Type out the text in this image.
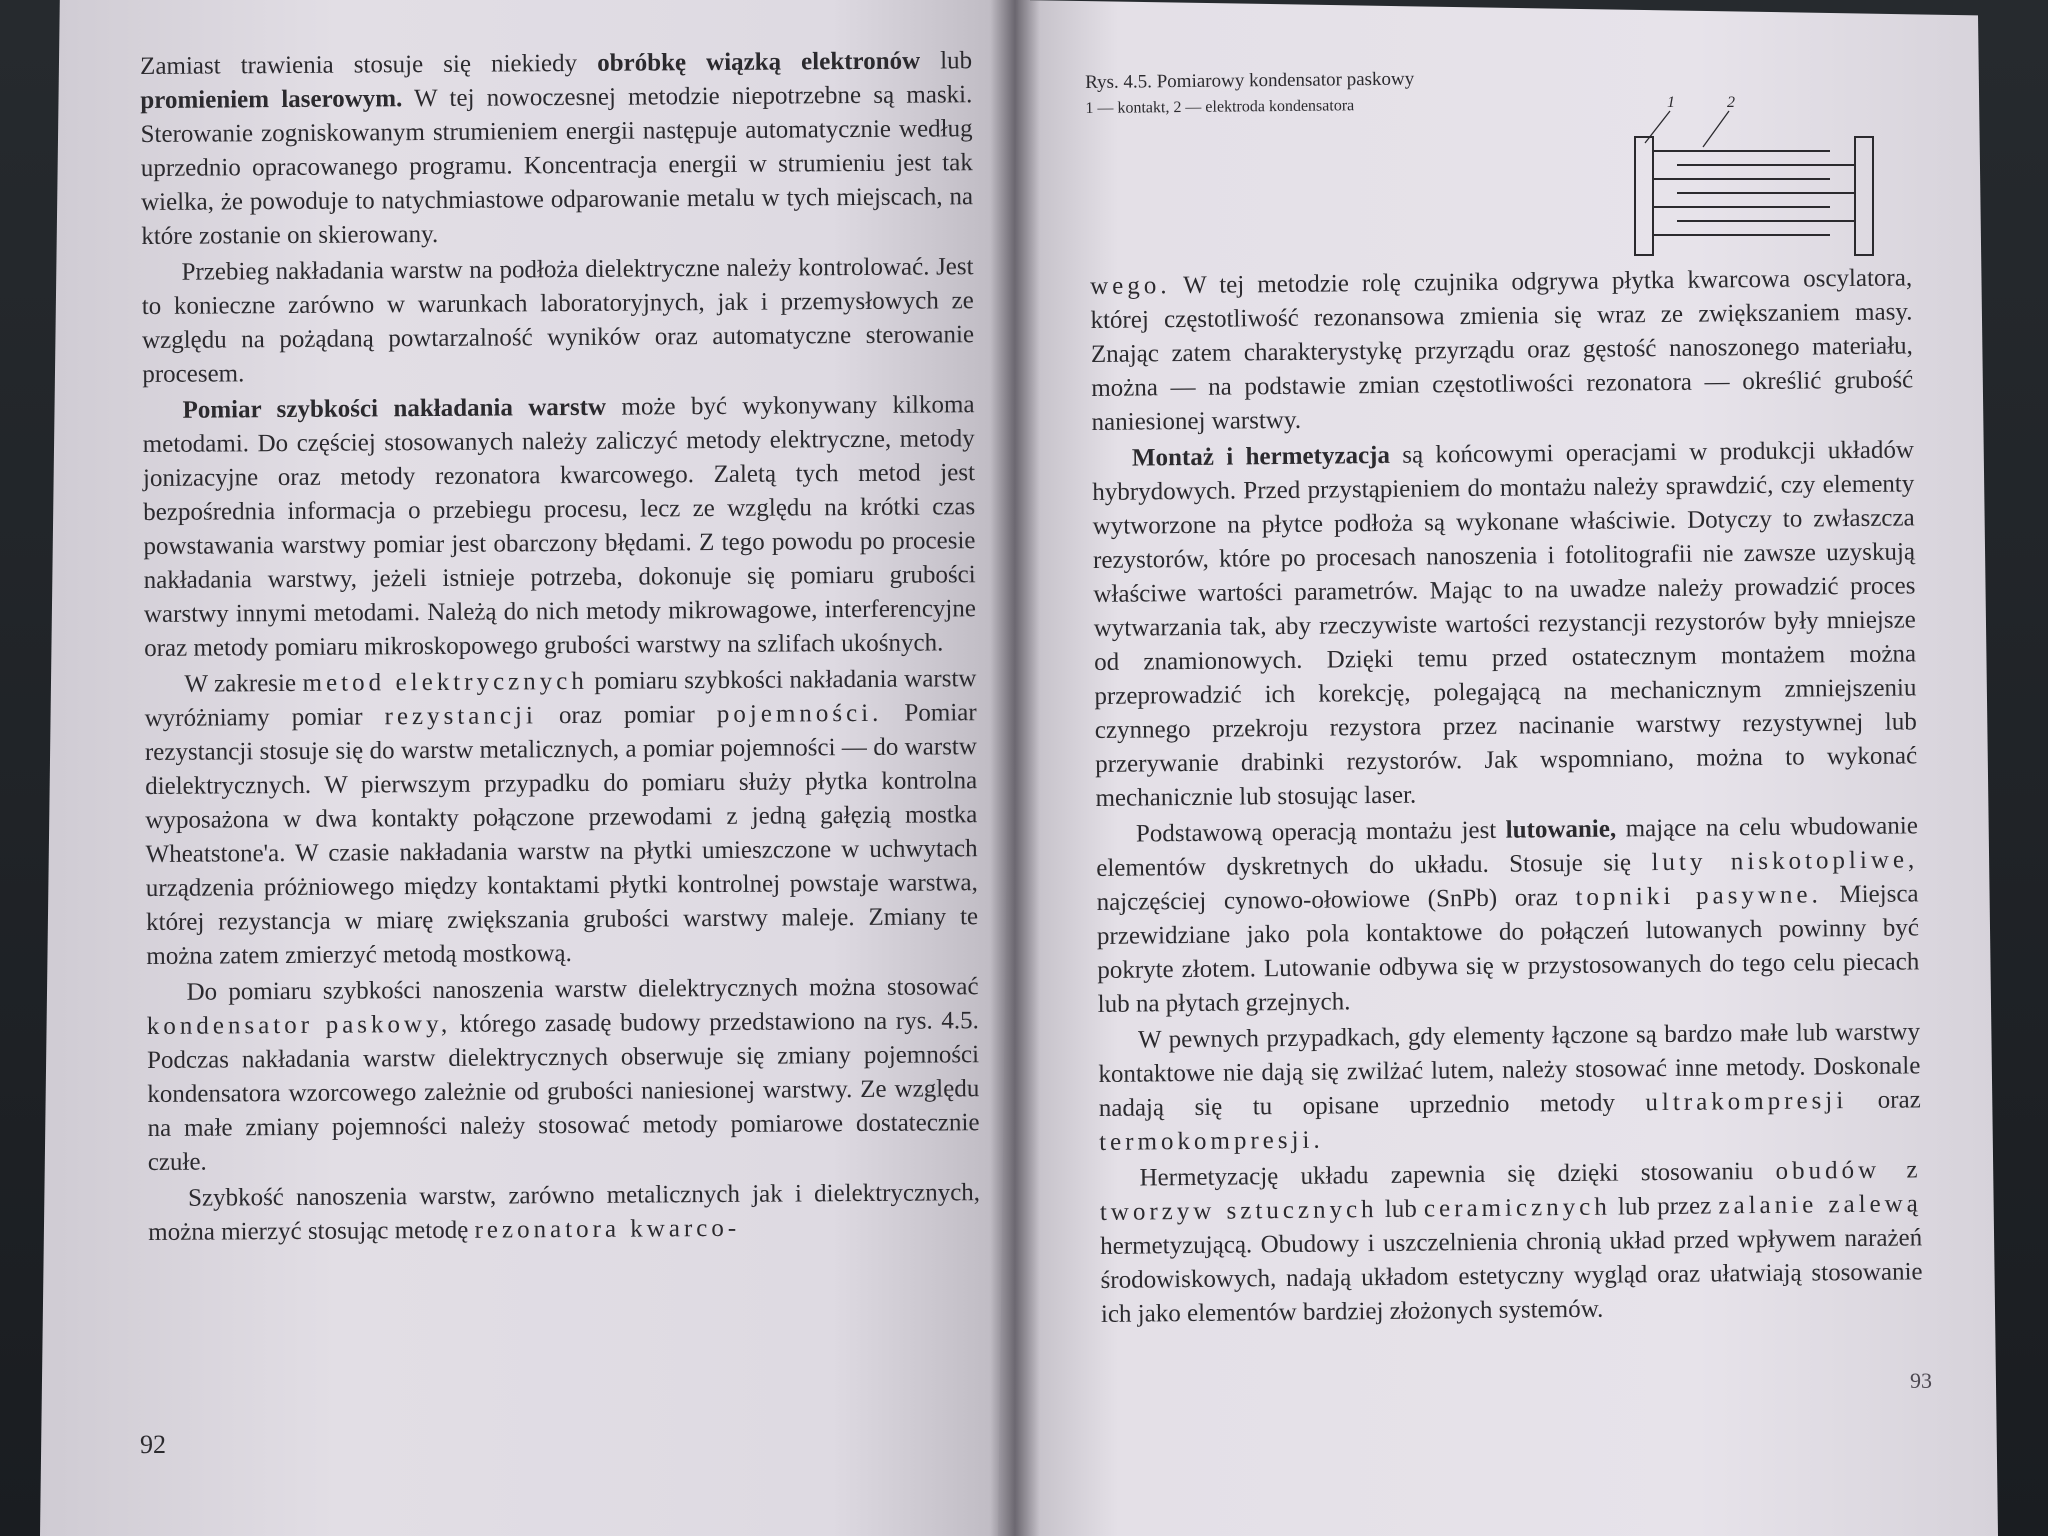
Zamiast trawienia stosuje się niekiedy obróbkę wiązką elektronów lub promieniem laserowym. W tej nowoczesnej metodzie niepotrzebne są maski. Sterowanie zogniskowanym strumieniem energii następuje automatycznie według uprzednio opracowanego programu. Koncentracja energii w strumieniu jest tak wielka, że powoduje to natychmiastowe odparowanie metalu w tych miejscach, na które zostanie on skierowany.

Przebieg nakładania warstw na podłoża dielektryczne należy kontrolować. Jest to konieczne zarówno w warunkach laboratoryjnych, jak i przemysłowych ze względu na pożądaną powtarzalność wyników oraz automatyczne sterowanie procesem.

Pomiar szybkości nakładania warstw może być wykonywany kilkoma metodami. Do częściej stosowanych należy zaliczyć metody elektryczne, metody jonizacyjne oraz metody rezonatora kwarcowego. Zaletą tych metod jest bezpośrednia informacja o przebiegu procesu, lecz ze względu na krótki czas powstawania warstwy pomiar jest obarczony błędami. Z tego powodu po procesie nakładania warstwy, jeżeli istnieje potrzeba, dokonuje się pomiaru grubości warstwy innymi metodami. Należą do nich metody mikrowagowe, interferencyjne oraz metody pomiaru mikroskopowego grubości warstwy na szlifach ukośnych.

W zakresie metod elektrycznych pomiaru szybkości nakładania warstw wyróżniamy pomiar rezystancji oraz pomiar pojemności. Pomiar rezystancji stosuje się do warstw metalicznych, a pomiar pojemności — do warstw dielektrycznych. W pierwszym przypadku do pomiaru służy płytka kontrolna wyposażona w dwa kontakty połączone przewodami z jedną gałęzią mostka Wheatstone'a. W czasie nakładania warstw na płytki umieszczone w uchwytach urządzenia próżniowego między kontaktami płytki kontrolnej powstaje warstwa, której rezystancja w miarę zwiększania grubości warstwy maleje. Zmiany te można zatem zmierzyć metodą mostkową.

Do pomiaru szybkości nanoszenia warstw dielektrycznych można stosować kondensator paskowy, którego zasadę budowy przedstawiono na rys. 4.5. Podczas nakładania warstw dielektrycznych obserwuje się zmiany pojemności kondensatora wzorcowego zależnie od grubości naniesionej warstwy. Ze względu na małe zmiany pojemności należy stosować metody pomiarowe dostatecznie czułe.

Szybkość nanoszenia warstw, zarówno metalicznych jak i dielektrycznych, można mierzyć stosując metodę rezonatora kwarco-

Rys. 4.5. Pomiarowy kondensator paskowy
1 — kontakt, 2 — elektroda kondensatora	1	2

wego. W tej metodzie rolę czujnika odgrywa płytka kwarcowa oscylatora, której częstotliwość rezonansowa zmienia się wraz ze zwiększaniem masy. Znając zatem charakterystykę przyrządu oraz gęstość nanoszonego materiału, można — na podstawie zmian częstotliwości rezonatora — określić grubość naniesionej warstwy.

Montaż i hermetyzacja są końcowymi operacjami w produkcji układów hybrydowych. Przed przystąpieniem do montażu należy sprawdzić, czy elementy wytworzone na płytce podłoża są wykonane właściwie. Dotyczy to zwłaszcza rezystorów, które po procesach nanoszenia i fotolitografii nie zawsze uzyskują właściwe wartości parametrów. Mając to na uwadze należy prowadzić proces wytwarzania tak, aby rzeczywiste wartości rezystancji rezystorów były mniejsze od znamionowych. Dzięki temu przed ostatecznym montażem można przeprowadzić ich korekcję, polegającą na mechanicznym zmniejszeniu czynnego przekroju rezystora przez nacinanie warstwy rezystywnej lub przerywanie drabinki rezystorów. Jak wspomniano, można to wykonać mechanicznie lub stosując laser.

Podstawową operacją montażu jest lutowanie, mające na celu wbudowanie elementów dyskretnych do układu. Stosuje się luty niskotopliwe, najczęściej cynowo-ołowiowe (SnPb) oraz topniki pasywne. Miejsca przewidziane jako pola kontaktowe do połączeń lutowanych powinny być pokryte złotem. Lutowanie odbywa się w przystosowanych do tego celu piecach lub na płytach grzejnych.

W pewnych przypadkach, gdy elementy łączone są bardzo małe lub warstwy kontaktowe nie dają się zwilżać lutem, należy stosować inne metody. Doskonale nadają się tu opisane uprzednio metody ultrakompresji oraz termokompresji.

Hermetyzację układu zapewnia się dzięki stosowaniu obudów z tworzyw sztucznych lub ceramicznych lub przez zalanie zalewą hermetyzującą. Obudowy i uszczelnienia chronią układ przed wpływem narażeń środowiskowych, nadają układom estetyczny wygląd oraz ułatwiają stosowanie ich jako elementów bardziej złożonych systemów.

92
93
